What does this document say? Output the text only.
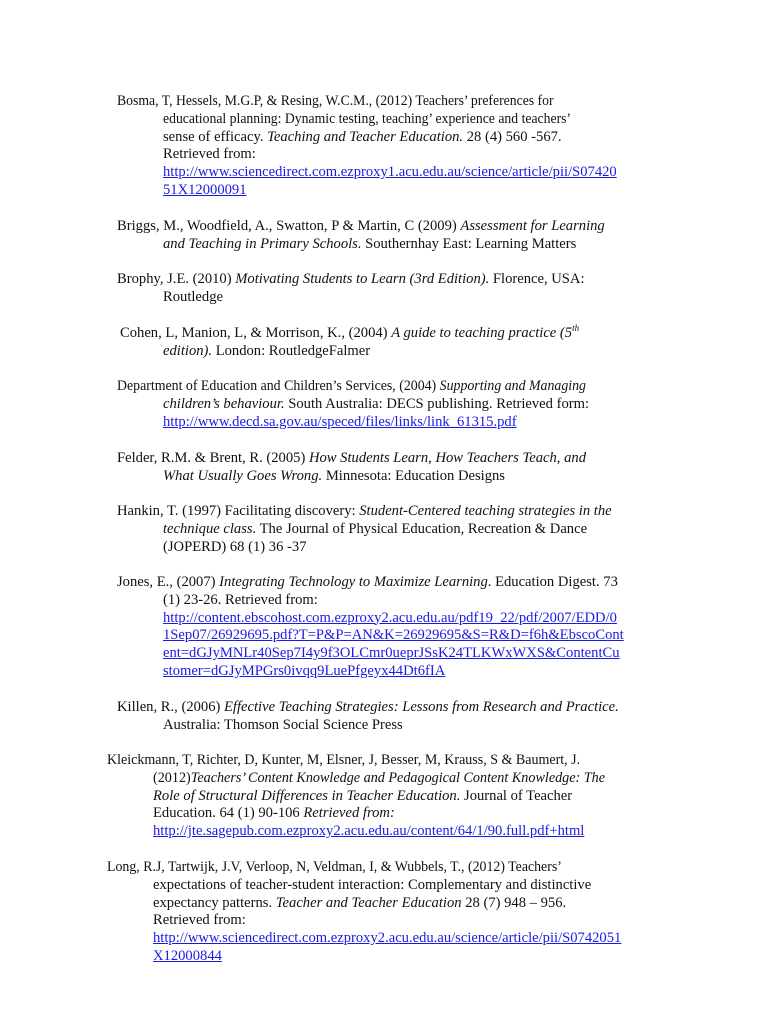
Bosma, T, Hessels, M.G.P, & Resing, W.C.M., (2012) Teachers’ preferences for
educational planning: Dynamic testing, teaching’ experience and teachers’
sense of efficacy. Teaching and Teacher Education. 28 (4) 560 -567.
Retrieved from:
http://www.sciencedirect.com.ezproxy1.acu.edu.au/science/article/pii/S07420
51X12000091
Briggs, M., Woodfield, A., Swatton, P & Martin, C (2009) Assessment for Learning
and Teaching in Primary Schools. Southernhay East: Learning Matters
Brophy, J.E. (2010) Motivating Students to Learn (3rd Edition). Florence, USA:
Routledge
Cohen, L, Manion, L, & Morrison, K., (2004) A guide to teaching practice (5th
edition). London: RoutledgeFalmer
Department of Education and Children’s Services, (2004) Supporting and Managing
children’s behaviour. South Australia: DECS publishing. Retrieved form:
http://www.decd.sa.gov.au/speced/files/links/link_61315.pdf
Felder, R.M. & Brent, R. (2005) How Students Learn, How Teachers Teach, and
What Usually Goes Wrong. Minnesota: Education Designs
Hankin, T. (1997) Facilitating discovery: Student-Centered teaching strategies in the
technique class. The Journal of Physical Education, Recreation & Dance
(JOPERD) 68 (1) 36 -37
Jones, E., (2007) Integrating Technology to Maximize Learning. Education Digest. 73
(1) 23-26. Retrieved from:
http://content.ebscohost.com.ezproxy2.acu.edu.au/pdf19_22/pdf/2007/EDD/0
1Sep07/26929695.pdf?T=P&P=AN&K=26929695&S=R&D=f6h&EbscoCont
ent=dGJyMNLr40Sep7I4y9f3OLCmr0ueprJSsK24TLKWxWXS&ContentCu
stomer=dGJyMPGrs0ivqq9LuePfgeyx44Dt6fIA
Killen, R., (2006) Effective Teaching Strategies: Lessons from Research and Practice.
Australia: Thomson Social Science Press
Kleickmann, T, Richter, D, Kunter, M, Elsner, J, Besser, M, Krauss, S & Baumert, J.
(2012)Teachers’ Content Knowledge and Pedagogical Content Knowledge: The
Role of Structural Differences in Teacher Education. Journal of Teacher
Education. 64 (1) 90-106 Retrieved from:
http://jte.sagepub.com.ezproxy2.acu.edu.au/content/64/1/90.full.pdf+html
Long, R.J, Tartwijk, J.V, Verloop, N, Veldman, I, & Wubbels, T., (2012) Teachers’
expectations of teacher-student interaction: Complementary and distinctive
expectancy patterns. Teacher and Teacher Education 28 (7) 948 – 956.
Retrieved from:
http://www.sciencedirect.com.ezproxy2.acu.edu.au/science/article/pii/S0742051
X12000844
